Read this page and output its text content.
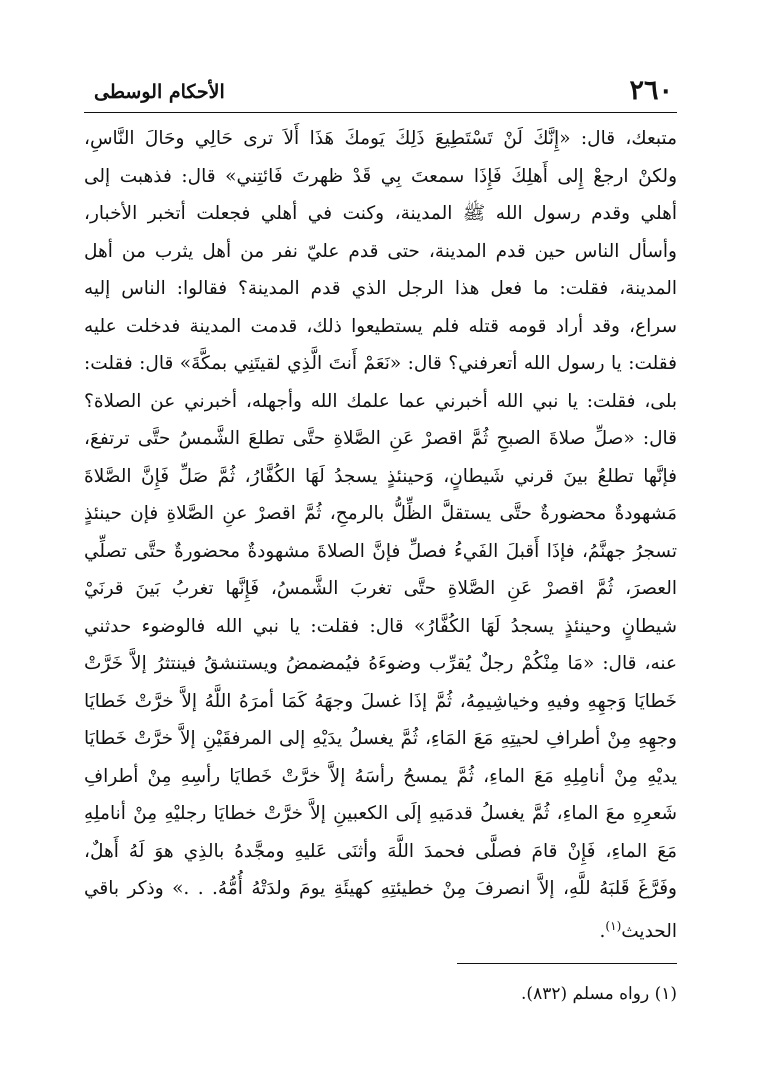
٢٦٠
الأحكام الوسطى
متبعك، قال: «إِنَّكَ لَنْ تَسْتَطِيعَ ذَلِكَ يَومكَ هَذَا أَلاَ ترى حَالِي وحَالَ النَّاسِ،
ولكنْ ارجعْ إِلى أَهلِكَ فَإِذَا سمعتَ بِي قَدْ ظهرتَ فَائتِني» قال: فذهبت إلى
أهلي وقدم رسول الله ﷺ المدينة، وكنت في أهلي فجعلت أتخبر الأخبار،
وأسأل الناس حين قدم المدينة، حتى قدم عليّ نفر من أهل يثرب من أهل
المدينة، فقلت: ما فعل هذا الرجل الذي قدم المدينة؟ فقالوا: الناس إليه
سراع، وقد أراد قومه قتله فلم يستطيعوا ذلك، قدمت المدينة فدخلت عليه
فقلت: يا رسول الله أتعرفني؟ قال: «نَعَمْ أَنتَ الَّذِي لقيتَنِي بمكَّةَ» قال: فقلت:
بلى، فقلت: يا نبي الله أخبرني عما علمك الله وأجهله، أخبرني عن الصلاة؟
قال: «صلِّ صلاةَ الصبحِ ثُمَّ اقصرْ عَنِ الصَّلاةِ حتَّى تطلعَ الشَّمسُ حتَّى ترتفعَ،
فإنَّها تطلعُ بينَ قرني شَيطانٍ، وَحينئذٍ يسجدُ لَهَا الكُفَّارُ، ثُمَّ صَلِّ فَإِنَّ الصَّلاةَ
مَشهودةٌ محضورةٌ حتَّى يستقلَّ الظِّلُّ بالرمحِ، ثُمَّ اقصرْ عنِ الصَّلاةِ فإن حينئذٍ
تسجرُ جهنَّمُ، فإذَا أَقبلَ الفَيءُ فصلِّ فإنَّ الصلاةَ مشهودةٌ محضورةٌ حتَّى تصلِّي
العصرَ، ثُمَّ اقصرْ عَنِ الصَّلاةِ حتَّى تغربَ الشَّمسُ، فَإِنَّها تغربُ بَينَ قرنَيْ
شيطانٍ وحينئذٍ يسجدُ لَهَا الكُفَّارُ» قال: فقلت: يا نبي الله فالوضوء حدثني
عنه، قال: «مَا مِنْكُمْ رجلٌ يُقرِّب وضوءَهُ فيُمضمضُ ويستنشقُ فينتثرُ إلاَّ خَرَّتْ
خَطايَا وَجهِهِ وفيهِ وخياشِيمِهُ، ثُمَّ إذَا غسلَ وجهَهُ كَمَا أمرَهُ اللَّهُ إلاَّ خرَّتْ خَطايَا
وجهِهِ مِنْ أطرافِ لحيتِهِ مَعَ المَاءِ، ثُمَّ يغسلُ يدَيْهِ إلى المرفقَيْنِ إلاَّ خرَّتْ خَطايَا
يديْهِ مِنْ أنامِلِهِ مَعَ الماءِ، ثُمَّ يمسحُ رأسَهُ إلاَّ خرَّتْ خَطايَا رأسِهِ مِنْ أطرافِ
شَعرِهِ معَ الماءِ، ثُمَّ يغسلُ قدمَيهِ إلَى الكعبينِ إلاَّ خرَّتْ خطايَا رجليْهِ مِنْ أناملِهِ
مَعَ الماءِ، فَإِنْ قامَ فصلَّى فحمدَ اللَّهَ وأثنَى عَليهِ ومجَّدهُ بالذِي هوَ لَهُ أَهلٌ،
وفَرَّغَ قَلبَهُ للَّهِ، إلاَّ انصرفَ مِنْ خطيئتِهِ كهيئَةِ يومَ ولدَتْهُ أُمُّهُ. . .» وذكر باقي
الحديث$^{(١)}$.
(١) رواه مسلم (٨٣٢).
